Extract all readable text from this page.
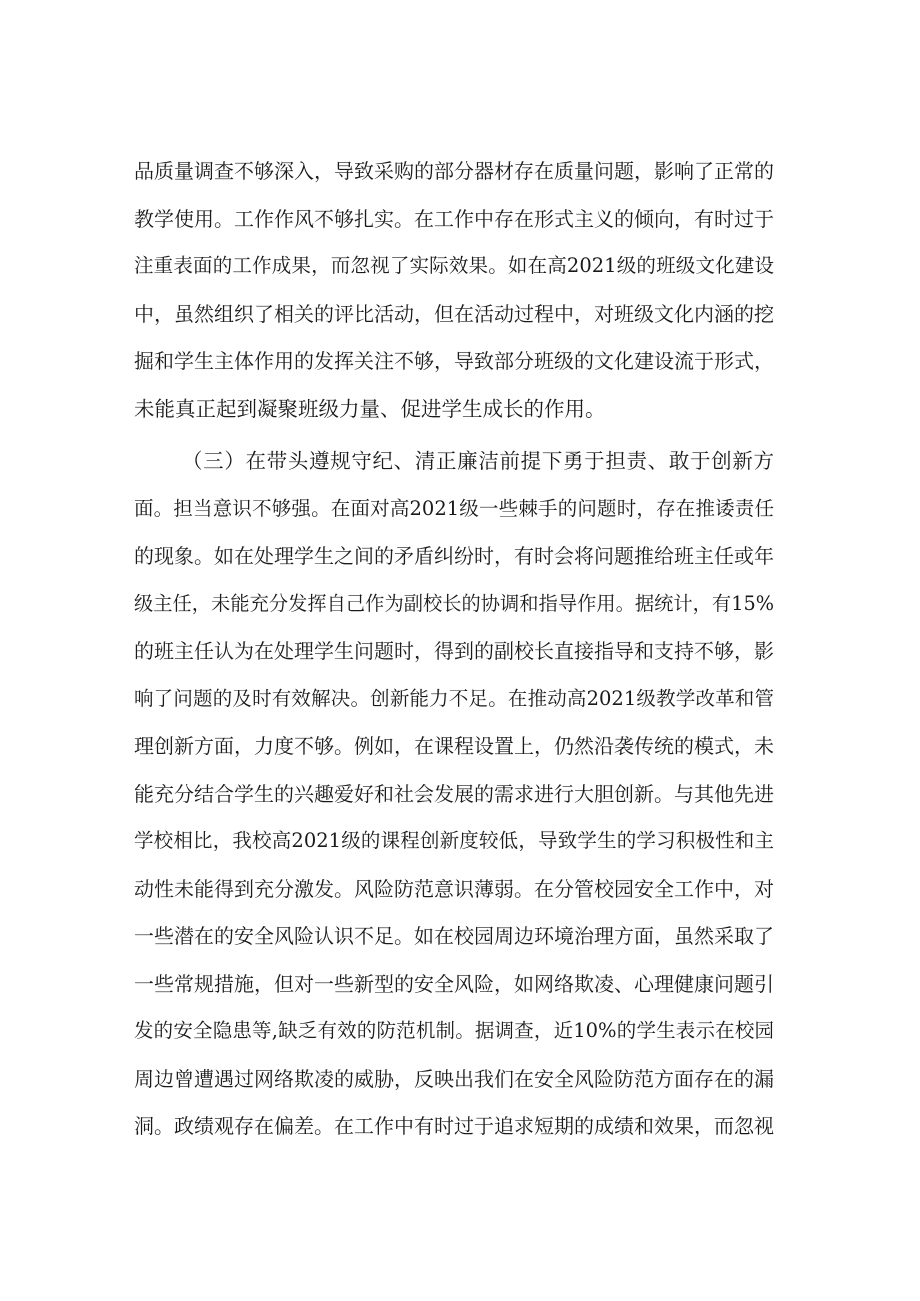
品质量调查不够深入，导致采购的部分器材存在质量问题，影响了正常的
教学使用。工作作风不够扎实。在工作中存在形式主义的倾向，有时过于
注重表面的工作成果，而忽视了实际效果。如在高2021级的班级文化建设
中，虽然组织了相关的评比活动，但在活动过程中，对班级文化内涵的挖
掘和学生主体作用的发挥关注不够，导致部分班级的文化建设流于形式，
未能真正起到凝聚班级力量、促进学生成长的作用。
（三）在带头遵规守纪、清正廉洁前提下勇于担责、敢于创新方
面。担当意识不够强。在面对高2021级一些棘手的问题时，存在推诿责任
的现象。如在处理学生之间的矛盾纠纷时，有时会将问题推给班主任或年
级主任，未能充分发挥自己作为副校长的协调和指导作用。据统计，有15%
的班主任认为在处理学生问题时，得到的副校长直接指导和支持不够，影
响了问题的及时有效解决。创新能力不足。在推动高2021级教学改革和管
理创新方面，力度不够。例如，在课程设置上，仍然沿袭传统的模式，未
能充分结合学生的兴趣爱好和社会发展的需求进行大胆创新。与其他先进
学校相比，我校高2021级的课程创新度较低，导致学生的学习积极性和主
动性未能得到充分激发。风险防范意识薄弱。在分管校园安全工作中，对
一些潜在的安全风险认识不足。如在校园周边环境治理方面，虽然采取了
一些常规措施，但对一些新型的安全风险，如网络欺凌、心理健康问题引
发的安全隐患等,缺乏有效的防范机制。据调查，近10%的学生表示在校园
周边曾遭遇过网络欺凌的威胁，反映出我们在安全风险防范方面存在的漏
洞。政绩观存在偏差。在工作中有时过于追求短期的成绩和效果，而忽视
